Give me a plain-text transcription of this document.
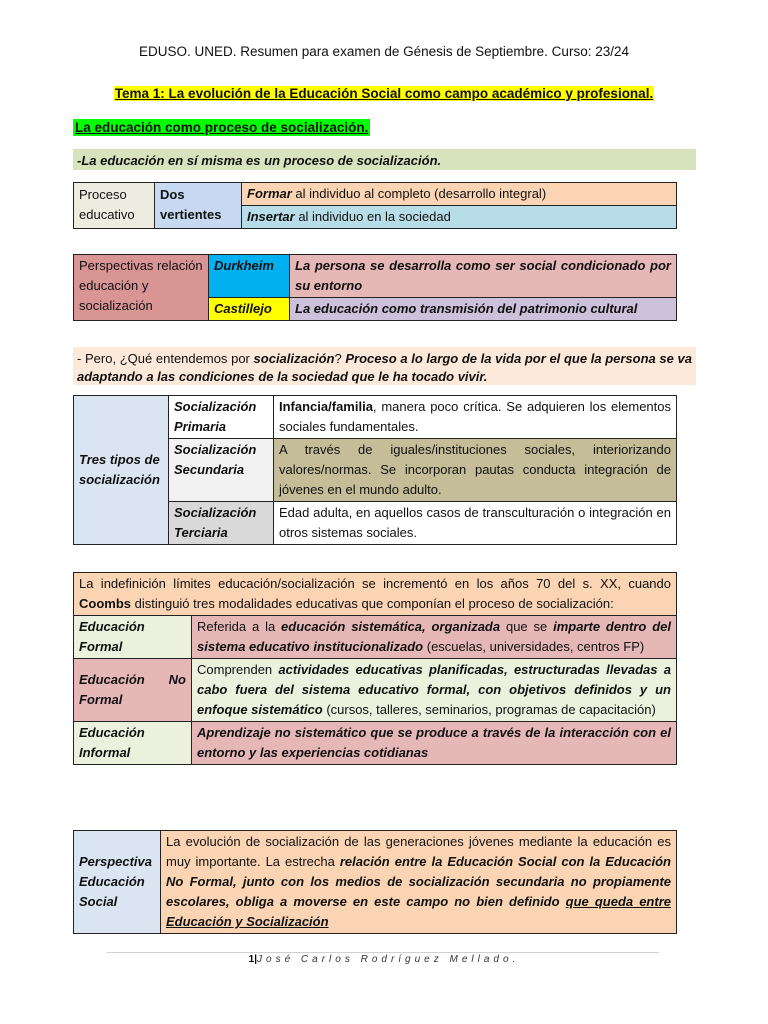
EDUSO. UNED. Resumen para examen de Génesis de Septiembre. Curso: 23/24
Tema 1: La evolución de la Educación Social como campo académico y profesional.
La educación como proceso de socialización.
-La educación en sí misma es un proceso de socialización.
Proceso educativo	Dos vertientes	Formar al individuo al completo (desarrollo integral)
Insertar al individuo en la sociedad
Perspectivas relación educación y socialización	Durkheim	La persona se desarrolla como ser social condicionado por su entorno
	Castillejo	La educación como transmisión del patrimonio cultural
- Pero, ¿Qué entendemos por socialización? Proceso a lo largo de la vida por el que la persona se va adaptando a las condiciones de la sociedad que le ha tocado vivir.
Tres tipos de socialización	Socialización Primaria	Infancia/familia, manera poco crítica. Se adquieren los elementos sociales fundamentales.
	Socialización Secundaria	A través de iguales/instituciones sociales, interiorizando valores/normas. Se incorporan pautas conducta integración de jóvenes en el mundo adulto.
	Socialización Terciaria	Edad adulta, en aquellos casos de transculturación o integración en otros sistemas sociales.
La indefinición límites educación/socialización se incrementó en los años 70 del s. XX, cuando Coombs distinguió tres modalidades educativas que componían el proceso de socialización:	
Educación Formal	Referida a la educación sistemática, organizada que se imparte dentro del sistema educativo institucionalizado (escuelas, universidades, centros FP)
Educación No Formal	Comprenden actividades educativas planificadas, estructuradas llevadas a cabo fuera del sistema educativo formal, con objetivos definidos y un enfoque sistemático (cursos, talleres, seminarios, programas de capacitación)
Educación Informal	Aprendizaje no sistemático que se produce a través de la interacción con el entorno y las experiencias cotidianas
Perspectiva Educación Social	La evolución de socialización de las generaciones jóvenes mediante la educación es muy importante. La estrecha relación entre la Educación Social con la Educación No Formal, junto con los medios de socialización secundaria no propiamente escolares, obliga a moverse en este campo no bien definido que queda entre Educación y Socialización
1|José Carlos Rodríguez Mellado.
